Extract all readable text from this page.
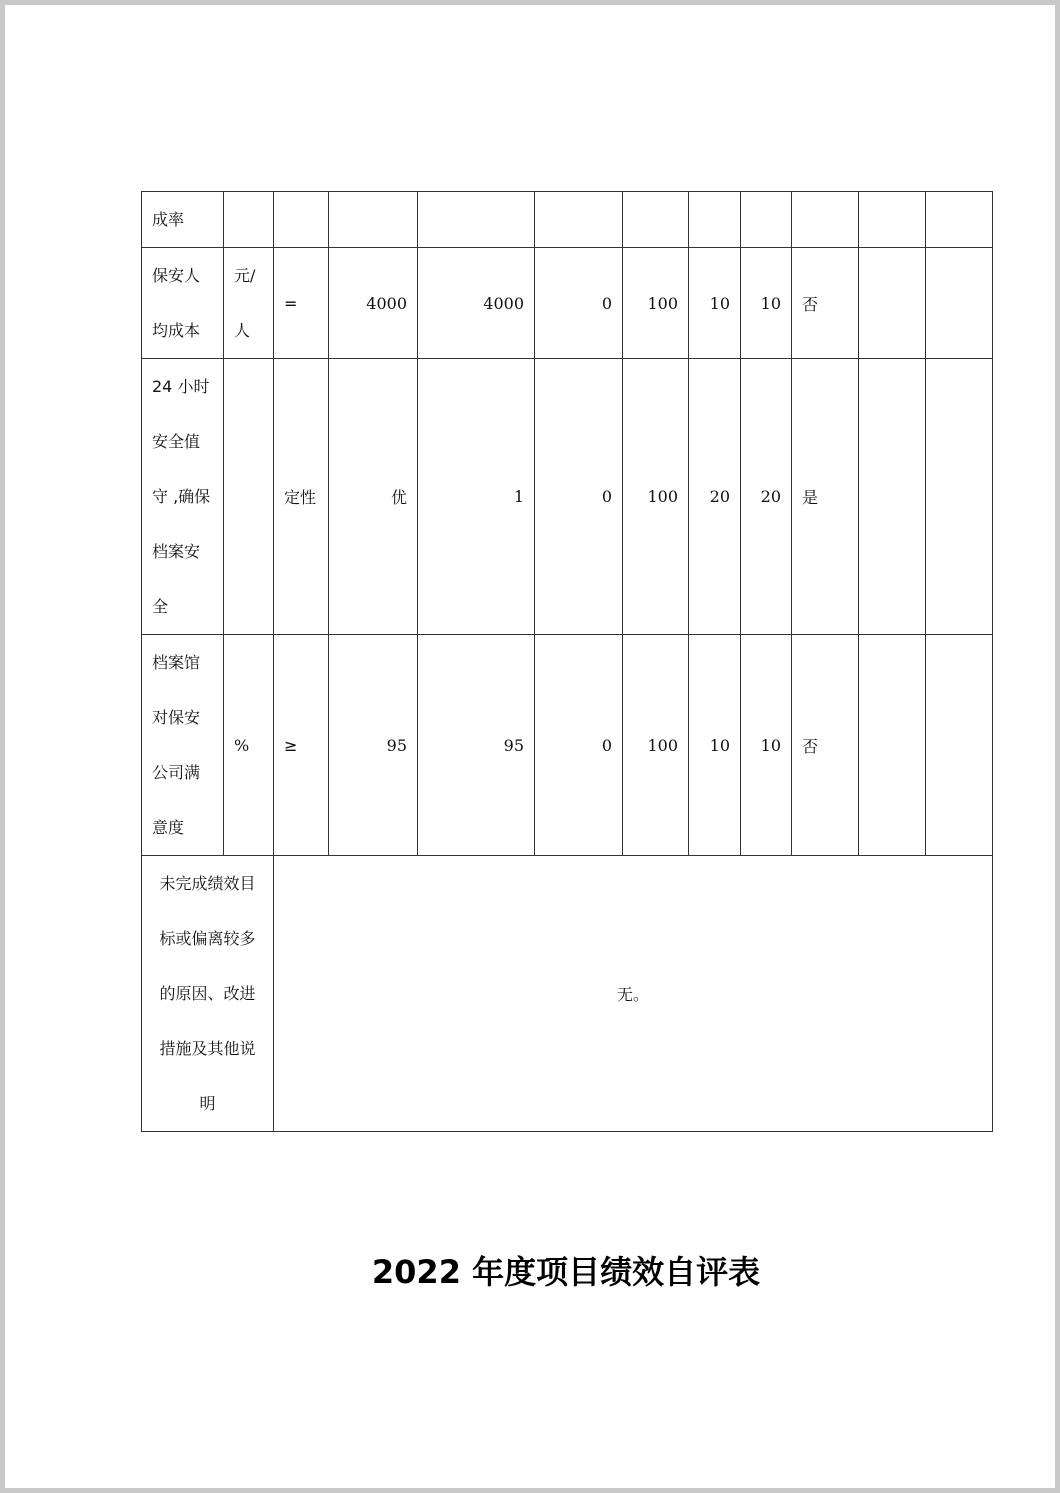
成率											
保安人均成本	元/人	=	4000	4000	0	100	10	10	否		
24 小时安全值守 ,确保档案安全		定性	优	1	0	100	20	20	是		
档案馆对保安公司满意度	%	≥	95	95	0	100	10	10	否		
未完成绩效目标或偏离较多的原因、改进措施及其他说明		无。									
2022 年度项目绩效自评表
